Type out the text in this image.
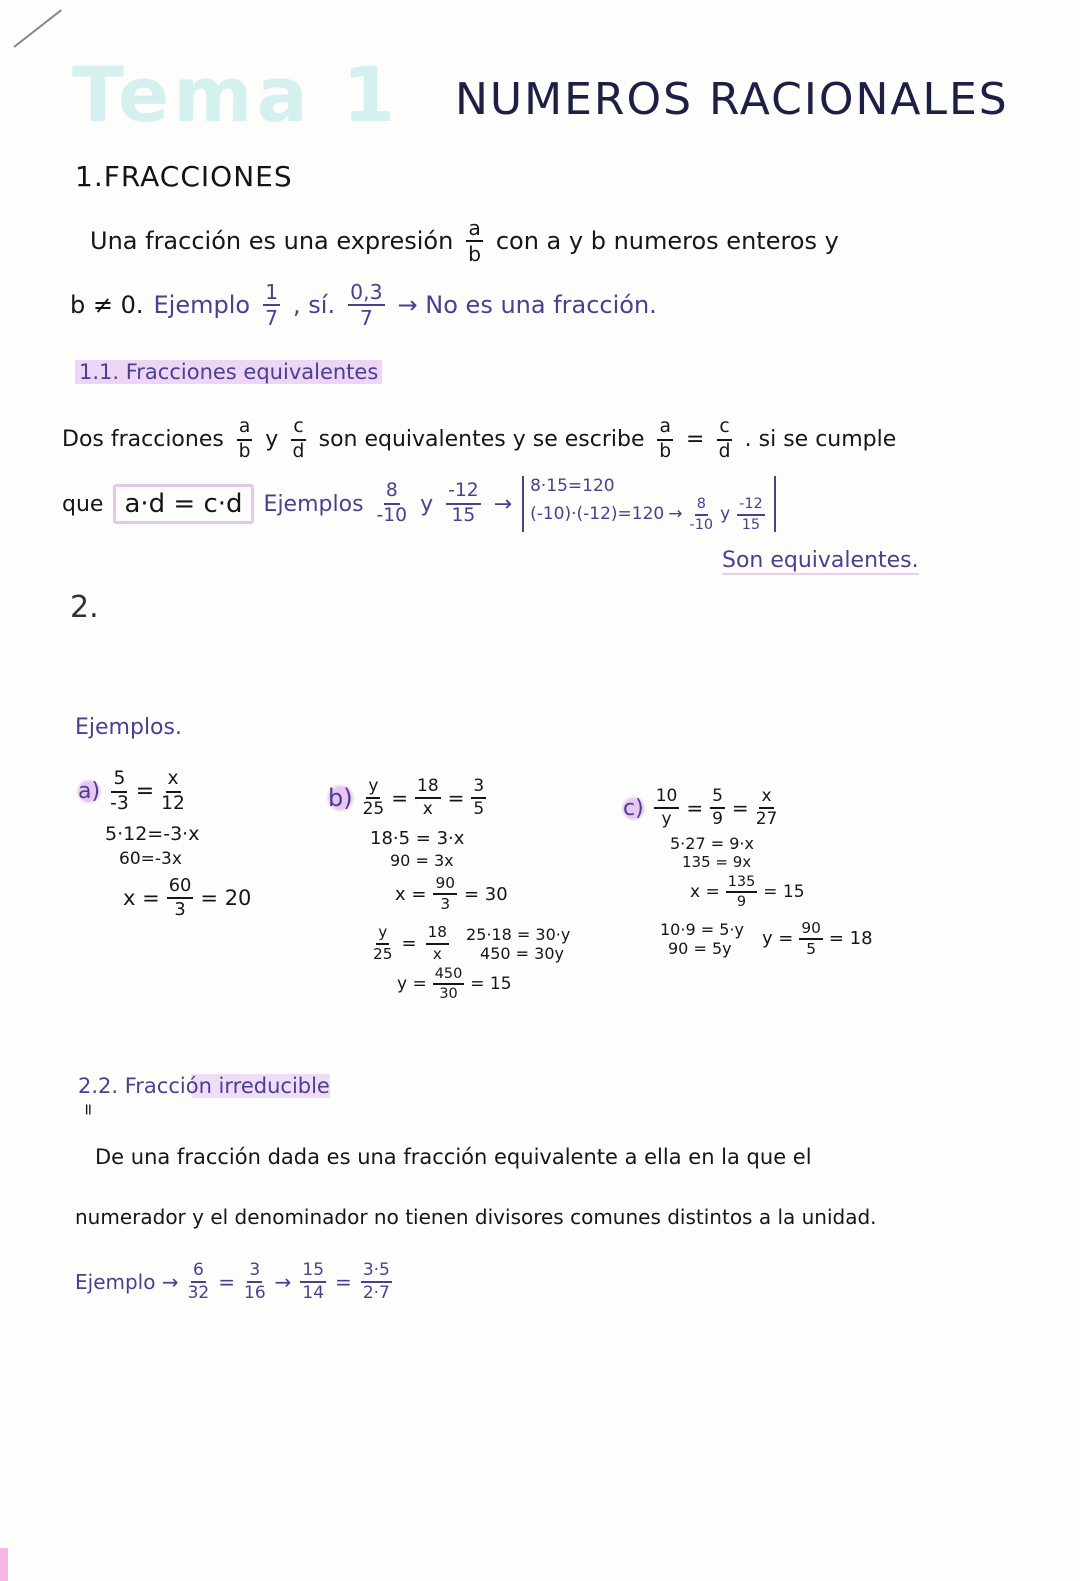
Tema 1 NUMEROS RACIONALES
1.FRACCIONES
Una fracción es una expresión $\frac{a}{b}$ con a y b numeros enteros y
b ≠ 0. Ejemplo $\frac{1}{7}$ , sí. $\frac{0,3}{7} \to No$ es una fracción.
1.1. Fracciones equivalentes
Dos fracciones $\frac{a}{b}$ y $\frac{c}{d}$ son equivalentes y se escribe $\frac{a}{b} = \frac{c}{d}$ . si se cumple
que a·d = c·d Ejemplos $\frac{8}{-10}$ y $\frac{-12}{15}$ →
8·15=120
$(-10)\cdot(-12)=120 \to \frac{8}{-10}$ y $\frac{-12}{15}$
Son equivalentes.
2.
Ejemplos.
$a) \frac{5}{-3} = \frac{x}{12}$
5·12=-3·x
60=-3x
$x = \frac{60}{3} = 20$
$b) \frac{y}{25} = \frac{18}{x} = \frac{3}{5}$
18·5 = 3·x
90 = 3x
$x = \frac{90}{3} = 30$
$\frac{y}{25} = \frac{18}{x} 25\cdot 18 = 30\cdot y$
450 = 30y
$y = \frac{450}{30} = 15$
$c) \frac{10}{y} = \frac{5}{9} = \frac{x}{27}$
5·27 = 9·x
135 = 9x
$x = \frac{135}{9} = 15$
10·9 = 5·y
90 = 5y	$y = \frac{90}{5} = 18$
2.2. Fracción irreducible
=
De una fracción dada es una fracción equivalente a ella en la que el
numerador y el denominador no tienen divisores comunes distintos a la unidad.
Ejemplo → $\frac{6}{32} = \frac{3}{16} \to \frac{15}{14} = \frac{3\cdot 5}{2\cdot 7}$
